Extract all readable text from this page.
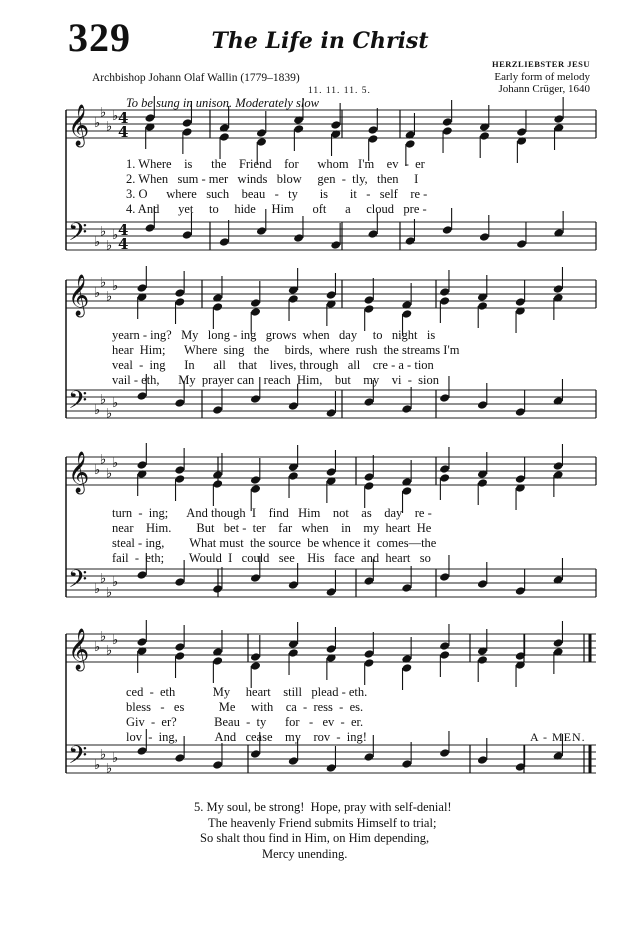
𝄞 ♭
♭
♭
♭ 4
4
𝄢 ♭
♭
♭
♭ 4
4
𝄞 ♭
♭
♭
♭
𝄢 ♭
♭
♭
♭
𝄞 ♭
♭
♭
♭
𝄢 ♭
♭
♭
♭
𝄞 ♭
♭
♭
♭
𝄢 ♭
♭
♭
♭
329	The Life in Christ
Archbishop Johann Olaf Wallin (1779–1839)
11. 11. 11. 5.
HERZLIEBSTER JESU
Early form of melody
Johann Crüger, 1640
To be sung in unison. Moderately slow
1. Where    is      the    Friend    for      whom   I'm    ev  -  er
2. When   sum - mer   winds   blow     gen  -  tly,   then     I
3. O      where   such    beau   -   ty       is       it   -   self    re -
4. And      yet     to     hide     Him      oft      a     cloud   pre -
yearn - ing?   My   long - ing   grows  when   day     to   night   is
hear  Him;      Where  sing   the     birds,  where  rush  the streams I'm
veal  -  ing      In      all    that    lives, through   all    cre - a - tion
vail - eth,      My  prayer can   reach  Him,    but    my    vi  -  sion
turn  -  ing;      And though  I    find   Him    not    as    day    re -
near    Him.        But   bet -  ter    far   when    in    my  heart  He
steal - ing,        What must  the source  be whence it  comes—the
fail  -  eth;        Would  I   could   see    His   face  and  heart   so
ced  -  eth            My     heart    still   plead - eth.
bless   -   es           Me     with    ca  -  ress  -  es.
Giv  -  er?            Beau  -  ty      for   -   ev  -  er.
lov  -  ing,            And   cease    my    rov  -  ing!	A - MEN.
5. My soul, be strong!  Hope, pray with self-denial!
The heavenly Friend submits Himself to trial;
So shalt thou find in Him, on Him depending,
Mercy unending.
